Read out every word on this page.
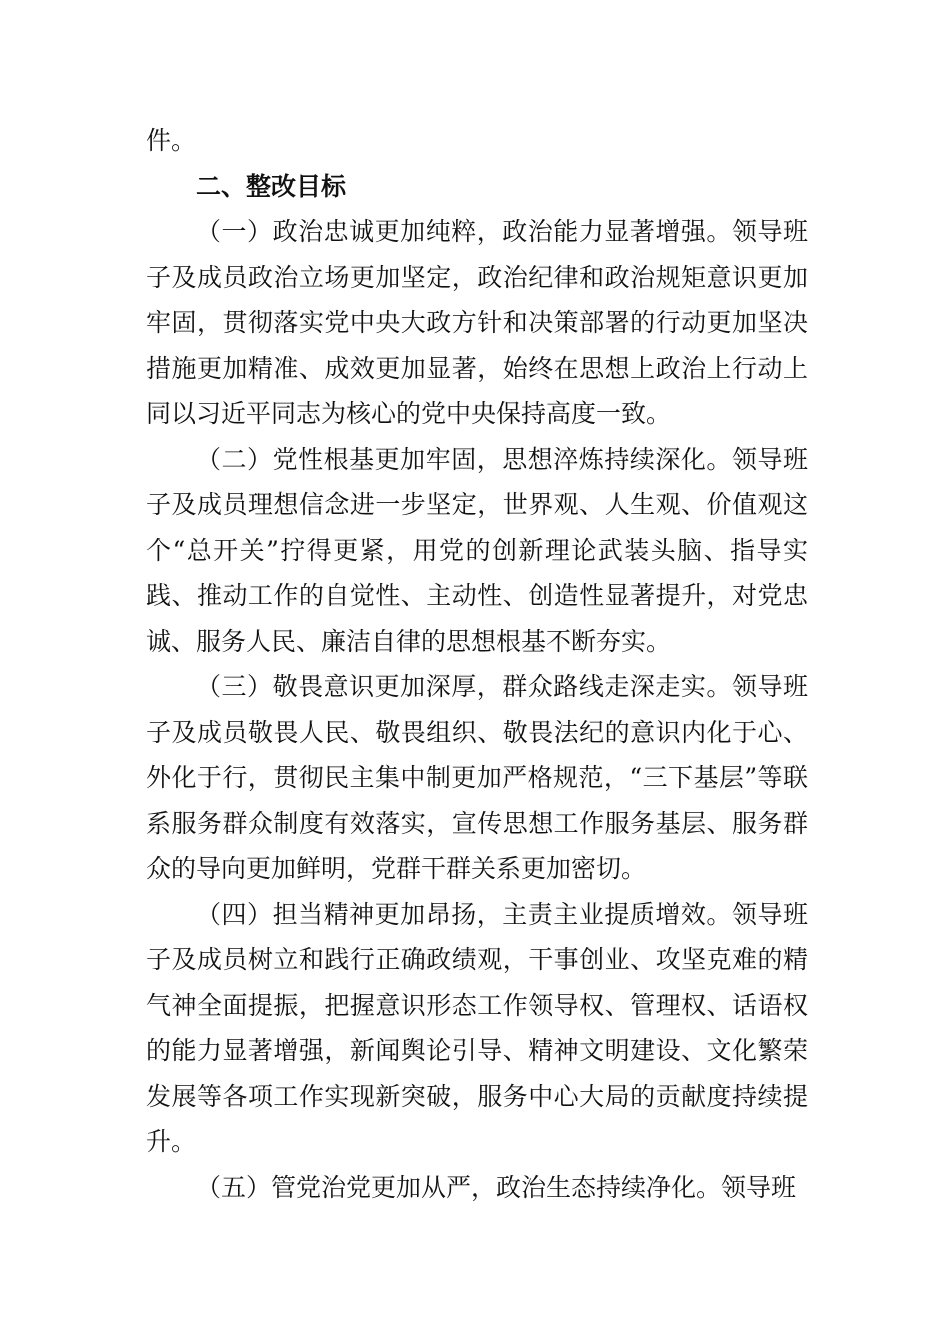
件。

二、整改目标

（一）政治忠诚更加纯粹，政治能力显著增强。领导班子及成员政治立场更加坚定，政治纪律和政治规矩意识更加牢固，贯彻落实党中央大政方针和决策部署的行动更加坚决措施更加精准、成效更加显著，始终在思想上政治上行动上同以习近平同志为核心的党中央保持高度一致。

（二）党性根基更加牢固，思想淬炼持续深化。领导班子及成员理想信念进一步坚定，世界观、人生观、价值观这个“总开关”拧得更紧，用党的创新理论武装头脑、指导实践、推动工作的自觉性、主动性、创造性显著提升，对党忠诚、服务人民、廉洁自律的思想根基不断夯实。

（三）敬畏意识更加深厚，群众路线走深走实。领导班子及成员敬畏人民、敬畏组织、敬畏法纪的意识内化于心、外化于行，贯彻民主集中制更加严格规范，“三下基层”等联系服务群众制度有效落实，宣传思想工作服务基层、服务群众的导向更加鲜明，党群干群关系更加密切。

（四）担当精神更加昂扬，主责主业提质增效。领导班子及成员树立和践行正确政绩观，干事创业、攻坚克难的精气神全面提振，把握意识形态工作领导权、管理权、话语权的能力显著增强，新闻舆论引导、精神文明建设、文化繁荣发展等各项工作实现新突破，服务中心大局的贡献度持续提升。

（五）管党治党更加从严，政治生态持续净化。领导班
